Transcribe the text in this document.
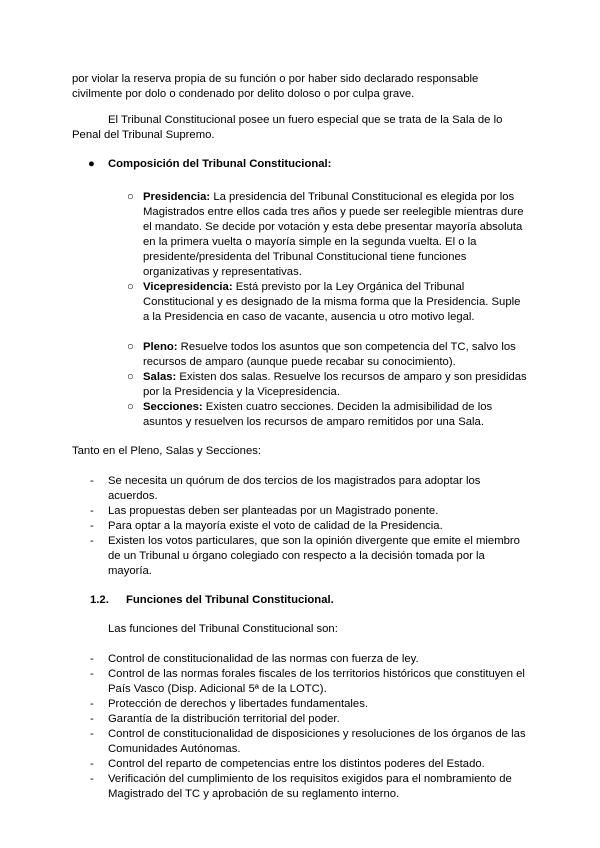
por violar la reserva propia de su función o por haber sido declarado responsable civilmente por dolo o condenado por delito doloso o por culpa grave.

El Tribunal Constitucional posee un fuero especial que se trata de la Sala de lo Penal del Tribunal Supremo.

●	Composición del Tribunal Constitucional:
○ Presidencia: La presidencia del Tribunal Constitucional es elegida por los Magistrados entre ellos cada tres años y puede ser reelegible mientras dure el mandato. Se decide por votación y esta debe presentar mayoría absoluta en la primera vuelta o mayoría simple en la segunda vuelta. El o la presidente/presidenta del Tribunal Constitucional tiene funciones organizativas y representativas.
○ Vicepresidencia: Está previsto por la Ley Orgánica del Tribunal Constitucional y es designado de la misma forma que la Presidencia. Suple a la Presidencia en caso de vacante, ausencia u otro motivo legal.
○ Pleno: Resuelve todos los asuntos que son competencia del TC, salvo los recursos de amparo (aunque puede recabar su conocimiento).
○ Salas: Existen dos salas. Resuelve los recursos de amparo y son presididas por la Presidencia y la Vicepresidencia.
○ Secciones: Existen cuatro secciones. Deciden la admisibilidad de los asuntos y resuelven los recursos de amparo remitidos por una Sala.

Tanto en el Pleno, Salas y Secciones:

- Se necesita un quórum de dos tercios de los magistrados para adoptar los acuerdos.
- Las propuestas deben ser planteadas por un Magistrado ponente.
- Para optar a la mayoría existe el voto de calidad de la Presidencia.
- Existen los votos particulares, que son la opinión divergente que emite el miembro de un Tribunal u órgano colegiado con respecto a la decisión tomada por la mayoría.
1.2.	Funciones del Tribunal Constitucional.

Las funciones del Tribunal Constitucional son:

- Control de constitucionalidad de las normas con fuerza de ley.
- Control de las normas forales fiscales de los territorios históricos que constituyen el País Vasco (Disp. Adicional 5ª de la LOTC).
- Protección de derechos y libertades fundamentales.
- Garantía de la distribución territorial del poder.
- Control de constitucionalidad de disposiciones y resoluciones de los órganos de las Comunidades Autónomas.
- Control del reparto de competencias entre los distintos poderes del Estado.
- Verificación del cumplimiento de los requisitos exigidos para el nombramiento de Magistrado del TC y aprobación de su reglamento interno.
